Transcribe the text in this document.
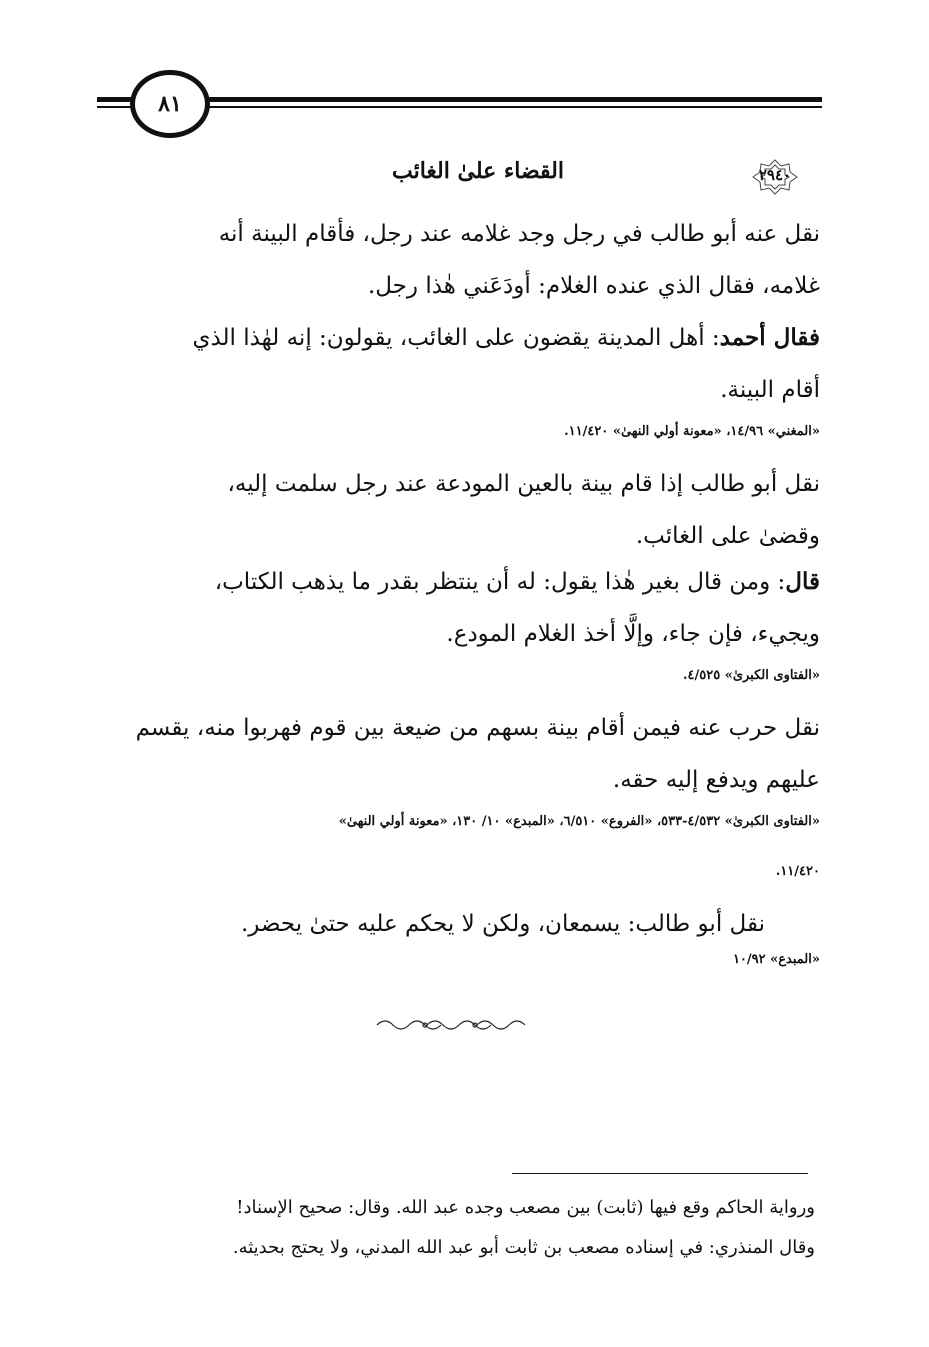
٨١
٢٩٤٠
القضاء علىٰ الغائب
نقل عنه أبو طالب في رجل وجد غلامه عند رجل، فأقام البينة أنه
غلامه، فقال الذي عنده الغلام: أودَعَني هٰذا رجل.
فقال أحمد: أهل المدينة يقضون على الغائب، يقولون: إنه لهٰذا الذي
أقام البينة.
«المغني» ١٤/٩٦، «معونة أولي النهىٰ» ١١/٤٢٠.
نقل أبو طالب إذا قام بينة بالعين المودعة عند رجل سلمت إليه،
وقضىٰ على الغائب.
قال: ومن قال بغير هٰذا يقول: له أن ينتظر بقدر ما يذهب الكتاب،
ويجيء، فإن جاء، وإلَّا أخذ الغلام المودع.
«الفتاوى الكبرىٰ» ٤/٥٢٥.
نقل حرب عنه فيمن أقام بينة بسهم من ضيعة بين قوم فهربوا منه، يقسم
عليهم ويدفع إليه حقه.
«الفتاوى الكبرىٰ» ٤/٥٣٢-٥٣٣، «الفروع» ٦/٥١٠، «المبدع» ١٠/ ١٣٠، «معونة أولي النهىٰ»
١١/٤٢٠.
نقل أبو طالب: يسمعان، ولكن لا يحكم عليه حتىٰ يحضر.
«المبدع» ١٠/٩٢
ورواية الحاكم وقع فيها (ثابت) بين مصعب وجده عبد الله. وقال: صحيح الإسناد!
وقال المنذري: في إسناده مصعب بن ثابت أبو عبد الله المدني، ولا يحتج بحديثه.
